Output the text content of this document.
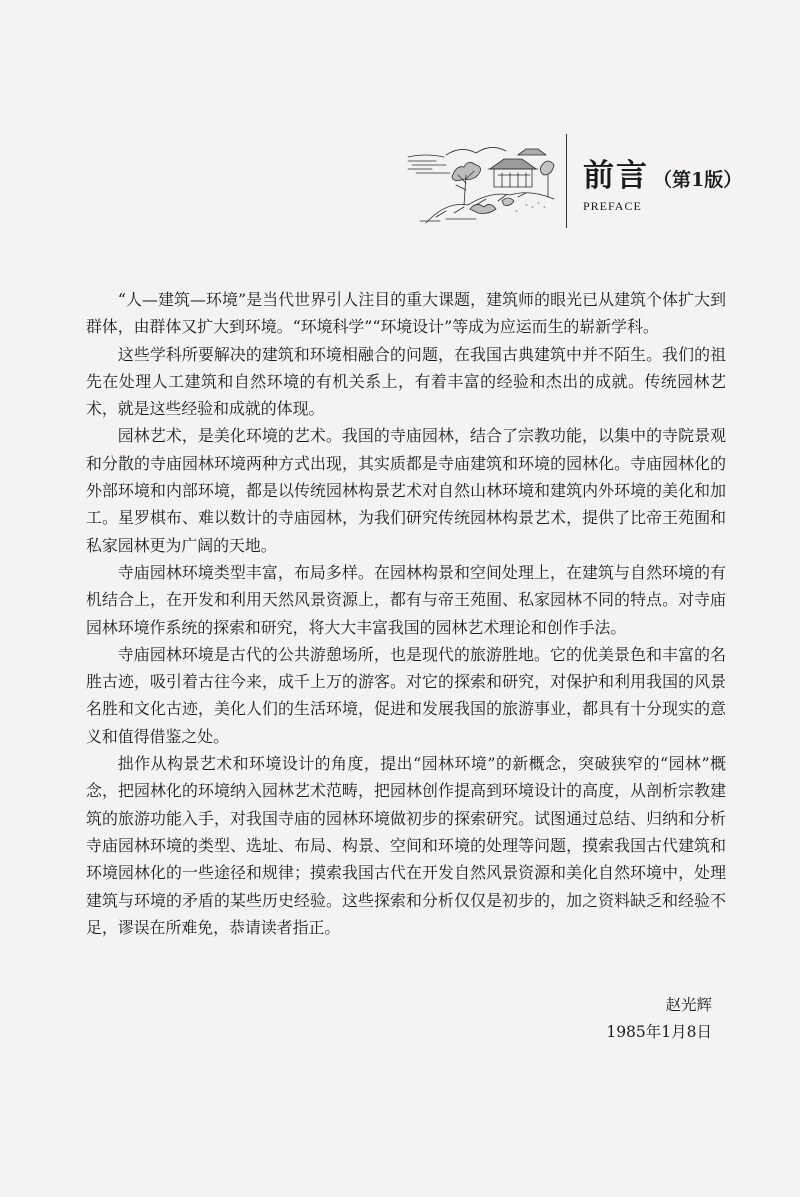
前言 （第1版）
PREFACE

“人—建筑—环境”是当代世界引人注目的重大课题，建筑师的眼光已从建筑个体扩大到群体，由群体又扩大到环境。“环境科学”“环境设计”等成为应运而生的崭新学科。

这些学科所要解决的建筑和环境相融合的问题，在我国古典建筑中并不陌生。我们的祖先在处理人工建筑和自然环境的有机关系上，有着丰富的经验和杰出的成就。传统园林艺术，就是这些经验和成就的体现。

园林艺术，是美化环境的艺术。我国的寺庙园林，结合了宗教功能，以集中的寺院景观和分散的寺庙园林环境两种方式出现，其实质都是寺庙建筑和环境的园林化。寺庙园林化的外部环境和内部环境，都是以传统园林构景艺术对自然山林环境和建筑内外环境的美化和加工。星罗棋布、难以数计的寺庙园林，为我们研究传统园林构景艺术，提供了比帝王苑囿和私家园林更为广阔的天地。

寺庙园林环境类型丰富，布局多样。在园林构景和空间处理上，在建筑与自然环境的有机结合上，在开发和利用天然风景资源上，都有与帝王苑囿、私家园林不同的特点。对寺庙园林环境作系统的探索和研究，将大大丰富我国的园林艺术理论和创作手法。

寺庙园林环境是古代的公共游憩场所，也是现代的旅游胜地。它的优美景色和丰富的名胜古迹，吸引着古往今来，成千上万的游客。对它的探索和研究，对保护和利用我国的风景名胜和文化古迹，美化人们的生活环境，促进和发展我国的旅游事业，都具有十分现实的意义和值得借鉴之处。

拙作从构景艺术和环境设计的角度，提出“园林环境”的新概念，突破狭窄的“园林”概念，把园林化的环境纳入园林艺术范畴，把园林创作提高到环境设计的高度，从剖析宗教建筑的旅游功能入手，对我国寺庙的园林环境做初步的探索研究。试图通过总结、归纳和分析寺庙园林环境的类型、选址、布局、构景、空间和环境的处理等问题，摸索我国古代建筑和环境园林化的一些途径和规律；摸索我国古代在开发自然风景资源和美化自然环境中，处理建筑与环境的矛盾的某些历史经验。这些探索和分析仅仅是初步的，加之资料缺乏和经验不足，谬误在所难免，恭请读者指正。

赵光辉
1985年1月8日
